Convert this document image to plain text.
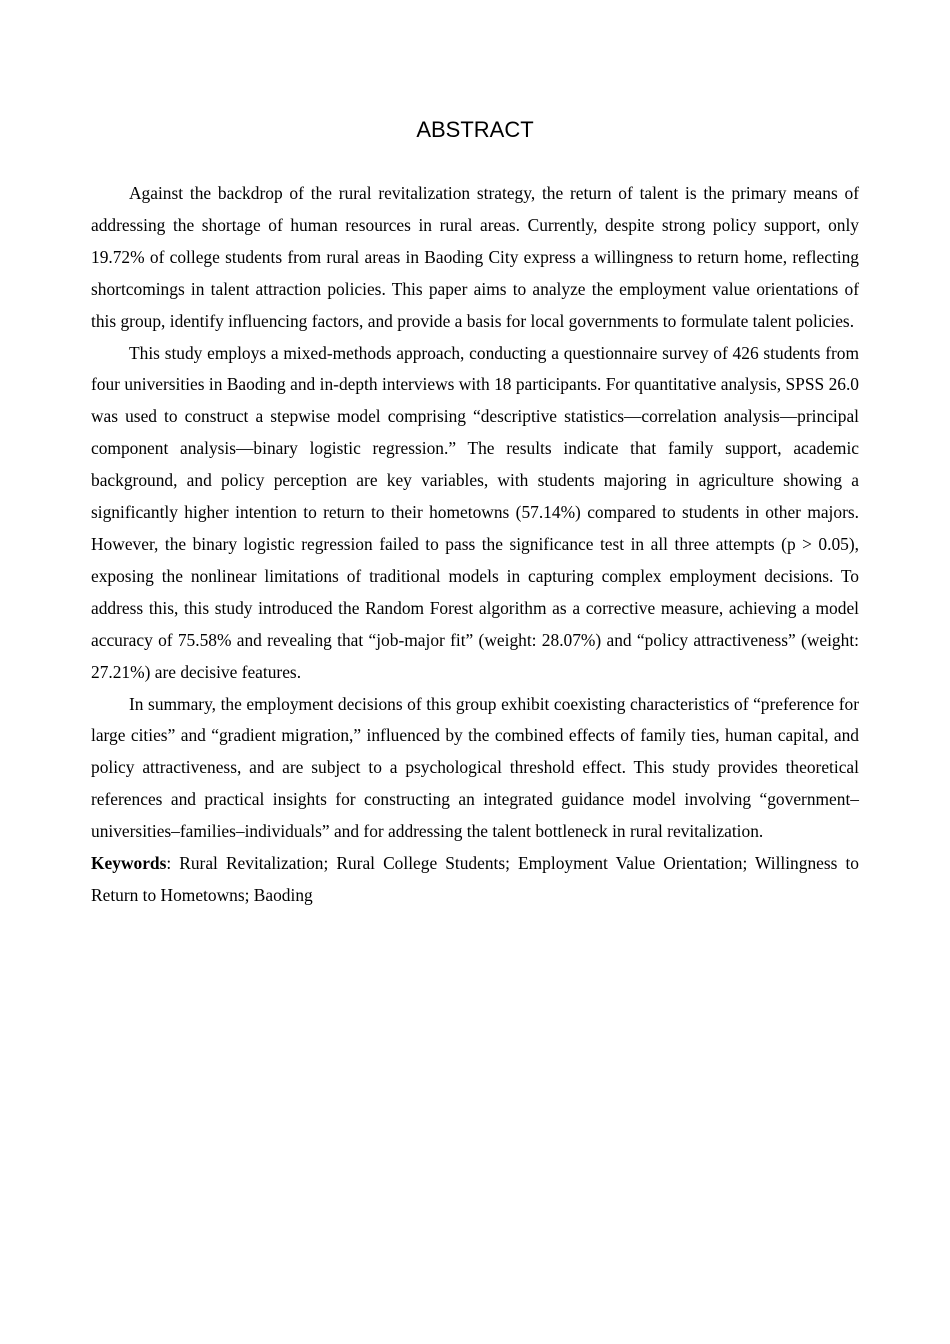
ABSTRACT

Against the backdrop of the rural revitalization strategy, the return of talent is the primary means of addressing the shortage of human resources in rural areas. Currently, despite strong policy support, only 19.72% of college students from rural areas in Baoding City express a willingness to return home, reflecting shortcomings in talent attraction policies. This paper aims to analyze the employment value orientations of this group, identify influencing factors, and provide a basis for local governments to formulate talent policies.

This study employs a mixed-methods approach, conducting a questionnaire survey of 426 students from four universities in Baoding and in-depth interviews with 18 participants. For quantitative analysis, SPSS 26.0 was used to construct a stepwise model comprising “descriptive statistics—correlation analysis—principal component analysis—binary logistic regression.” The results indicate that family support, academic background, and policy perception are key variables, with students majoring in agriculture showing a significantly higher intention to return to their hometowns (57.14%) compared to students in other majors. However, the binary logistic regression failed to pass the significance test in all three attempts (p > 0.05), exposing the nonlinear limitations of traditional models in capturing complex employment decisions. To address this, this study introduced the Random Forest algorithm as a corrective measure, achieving a model accuracy of 75.58% and revealing that “job-major fit” (weight: 28.07%) and “policy attractiveness” (weight: 27.21%) are decisive features.

In summary, the employment decisions of this group exhibit coexisting characteristics of “preference for large cities” and “gradient migration,” influenced by the combined effects of family ties, human capital, and policy attractiveness, and are subject to a psychological threshold effect. This study provides theoretical references and practical insights for constructing an integrated guidance model involving “government–universities–families–individuals” and for addressing the talent bottleneck in rural revitalization.

Keywords: Rural Revitalization; Rural College Students; Employment Value Orientation; Willingness to Return to Hometowns; Baoding
